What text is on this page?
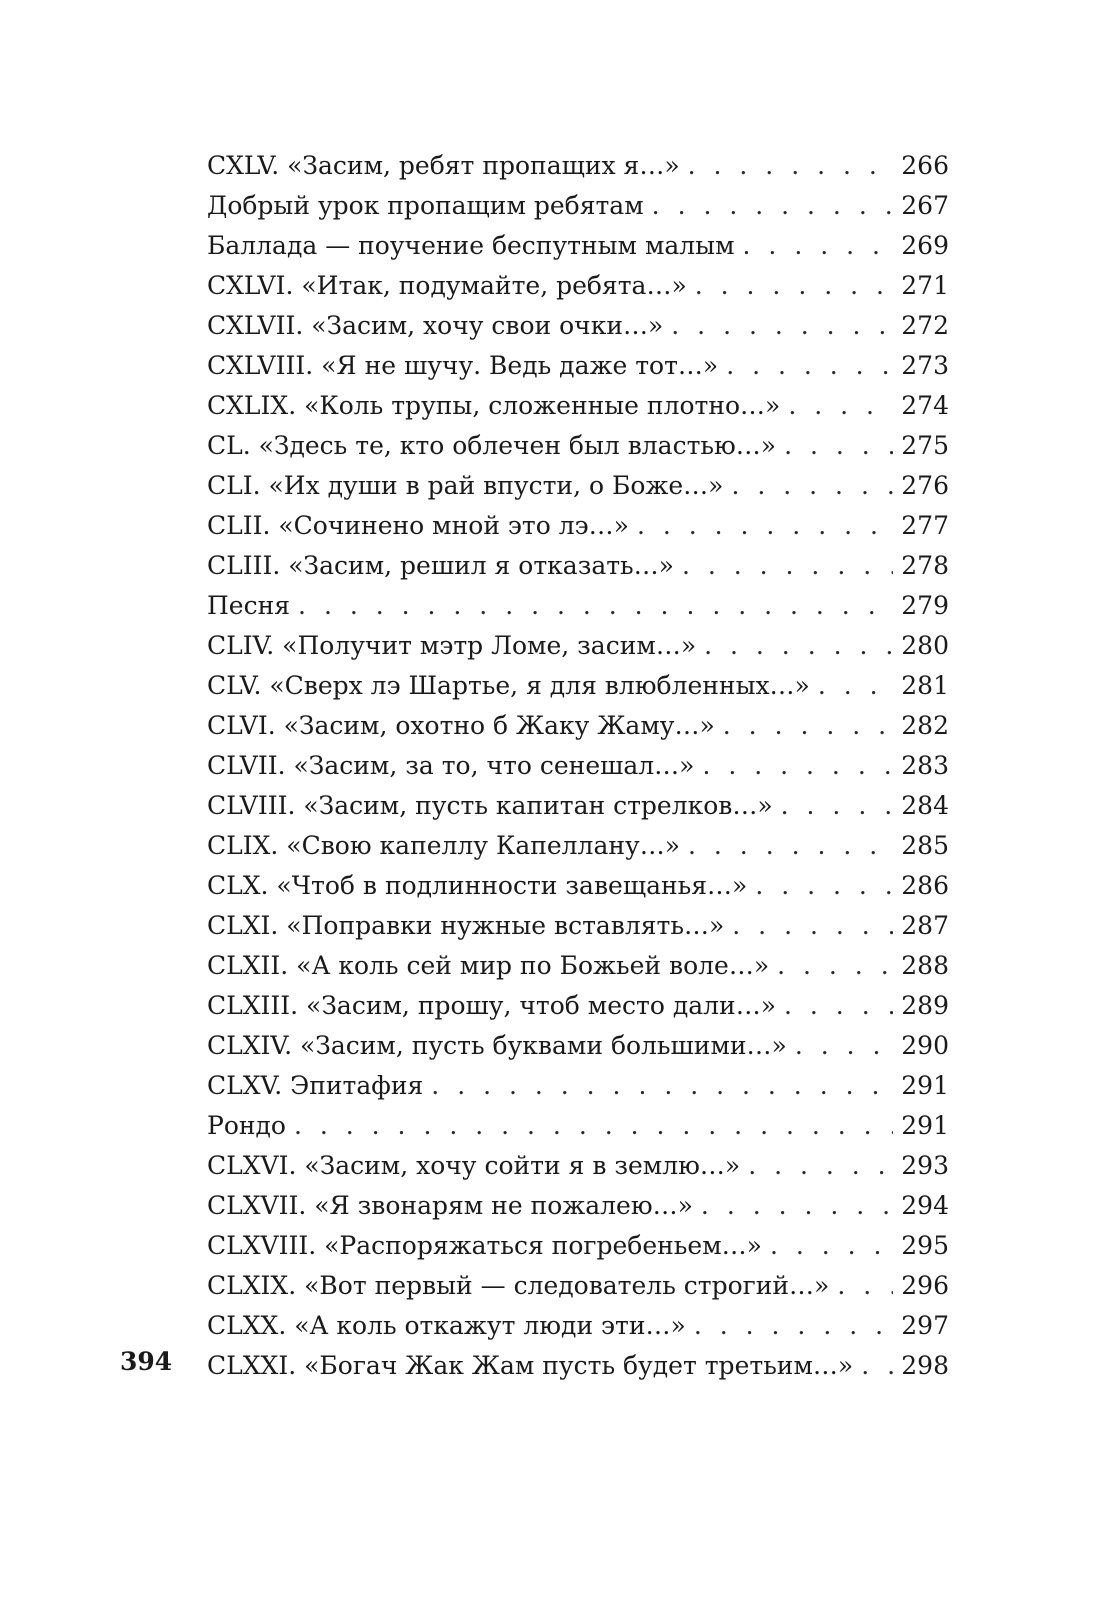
CXLV. «Засим, ребят пропащих я…» . . .	266
Добрый урок пропащим ребятам . . .	267
Баллада — поучение беспутным малым . . .	269
CXLVI. «Итак, подумайте, ребята…» . . .	271
CXLVII. «Засим, хочу свои очки…» . . .	272
CXLVIII. «Я не шучу. Ведь даже тот…» . . .	273
CXLIX. «Коль трупы, сложенные плотно…» . . .	274
CL. «Здесь те, кто облечен был властью…» . . .	275
CLI. «Их души в рай впусти, о Боже…» . . .	276
CLII. «Сочинено мной это лэ…» . . .	277
CLIII. «Засим, решил я отказать…» . . .	278
Песня . . .	279
CLIV. «Получит мэтр Ломе, засим…» . . .	280
CLV. «Сверх лэ Шартье, я для влюбленных…» . . .	281
CLVI. «Засим, охотно б Жаку Жаму…» . . .	282
CLVII. «Засим, за то, что сенешал…» . . .	283
CLVIII. «Засим, пусть капитан стрелков…» . . .	284
CLIX. «Свою капеллу Капеллану…» . . .	285
CLX. «Чтоб в подлинности завещанья…» . . .	286
CLXI. «Поправки нужные вставлять…» . . .	287
CLXII. «А коль сей мир по Божьей воле…» . . .	288
CLXIII. «Засим, прошу, чтоб место дали…» . . .	289
CLXIV. «Засим, пусть буквами большими…» . . .	290
CLXV. Эпитафия . . .	291
Рондо . . .	291
CLXVI. «Засим, хочу сойти я в землю…» . . .	293
CLXVII. «Я звонарям не пожалею…» . . .	294
CLXVIII. «Распоряжаться погребеньем…» . . .	295
CLXIX. «Вот первый — следователь строгий…» . . .	296
CLXX. «А коль откажут люди эти…» . . .	297
CLXXI. «Богач Жак Жам пусть будет третьим…» . . .	298
394
